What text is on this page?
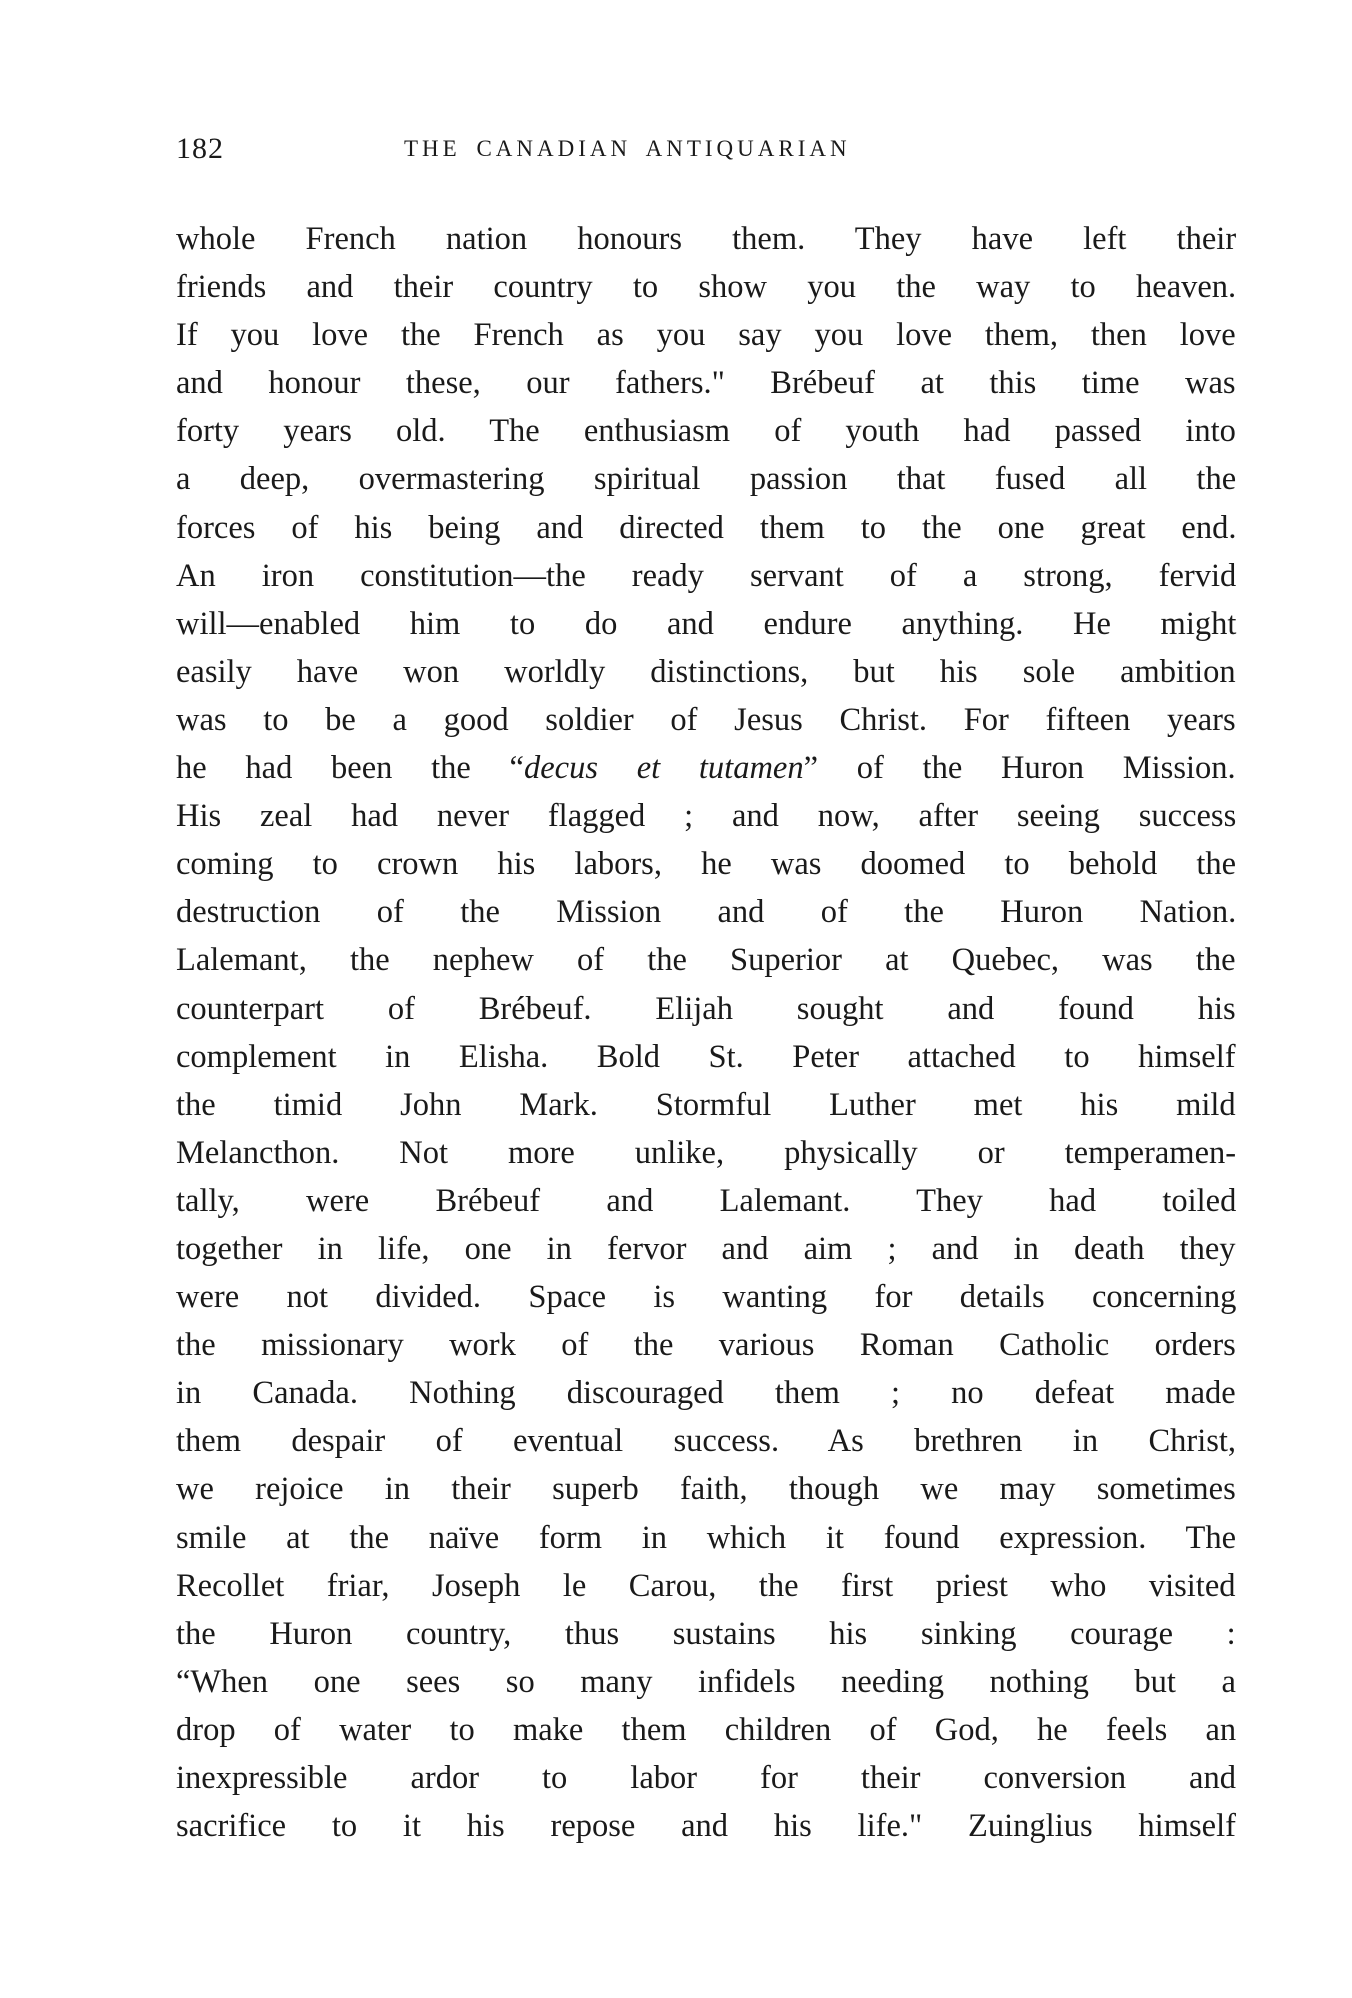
182	THE CANADIAN ANTIQUARIAN
whole French nation honours them. They have left their
friends and their country to show you the way to heaven.
If you love the French as you say you love them, then love
and honour these, our fathers." Brébeuf at this time was
forty years old. The enthusiasm of youth had passed into
a deep, overmastering spiritual passion that fused all the
forces of his being and directed them to the one great end.
An iron constitution—the ready servant of a strong, fervid
will—enabled him to do and endure anything. He might
easily have won worldly distinctions, but his sole ambition
was to be a good soldier of Jesus Christ. For fifteen years
he had been the “decus et tutamen” of the Huron Mission.
His zeal had never flagged ; and now, after seeing success
coming to crown his labors, he was doomed to behold the
destruction of the Mission and of the Huron Nation.
Lalemant, the nephew of the Superior at Quebec, was the
counterpart of Brébeuf. Elijah sought and found his
complement in Elisha. Bold St. Peter attached to himself
the timid John Mark. Stormful Luther met his mild
Melancthon. Not more unlike, physically or temperamen-
tally, were Brébeuf and Lalemant. They had toiled
together in life, one in fervor and aim ; and in death they
were not divided. Space is wanting for details concerning
the missionary work of the various Roman Catholic orders
in Canada. Nothing discouraged them ; no defeat made
them despair of eventual success. As brethren in Christ,
we rejoice in their superb faith, though we may sometimes
smile at the naïve form in which it found expression. The
Recollet friar, Joseph le Carou, the first priest who visited
the Huron country, thus sustains his sinking courage :
“When one sees so many infidels needing nothing but a
drop of water to make them children of God, he feels an
inexpressible ardor to labor for their conversion and
sacrifice to it his repose and his life." Zuinglius himself
